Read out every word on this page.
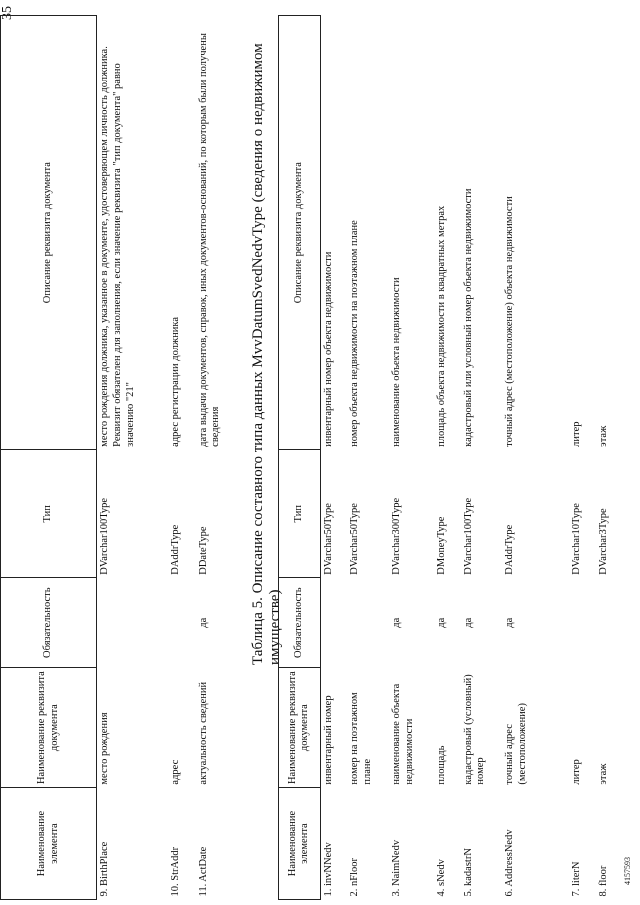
35
Наименование элемента	Наименование реквизита документа	Обязательность	Тип	Описание реквизита документа
9. BirthPlace	место рождения		DVarchar100Type	место рождения должника, указанное в документе, удостоверяющем личность должника. Реквизит обязателен для заполнения, если значение реквизита "тип документа" равно значению "21"
10. StrAddr	адрес		DAddrType	адрес регистрации должника
11. ActDate	актуальность сведений	да	DDateType	дата выдачи документов, справок, иных документов-оснований, по которым были получены сведения Таблица 5. Описание составного типа данных MvvDatumSvedNedvType (сведения о недвижимом имуществе)
Наименование элемента	Наименование реквизита документа	Обязательность	Тип	Описание реквизита документа
1. invNNedv	инвентарный номер		DVarchar50Type	инвентарный номер объекта недвижимости
2. nFloor	номер на поэтажном плане		DVarchar50Type	номер объекта недвижимости на поэтажном плане
3. NaimNedv	наименование объекта недвижимости	да	DVarchar300Type	наименование объекта недвижимости
4. sNedv	площадь	да	DMoneyType	площадь объекта недвижимости в квадратных метрах
5. kadastrN	кадастровый (условный) номер	да	DVarchar100Type	кадастровый или условный номер объекта недвижимости
6. AddressNedv	точный адрес (местоположение)	да	DAddrType	точный адрес (местоположение) объекта недвижимости
7. literN	литер		DVarchar10Type	литер
8. floor	этаж		DVarchar3Type	этаж
4157593
